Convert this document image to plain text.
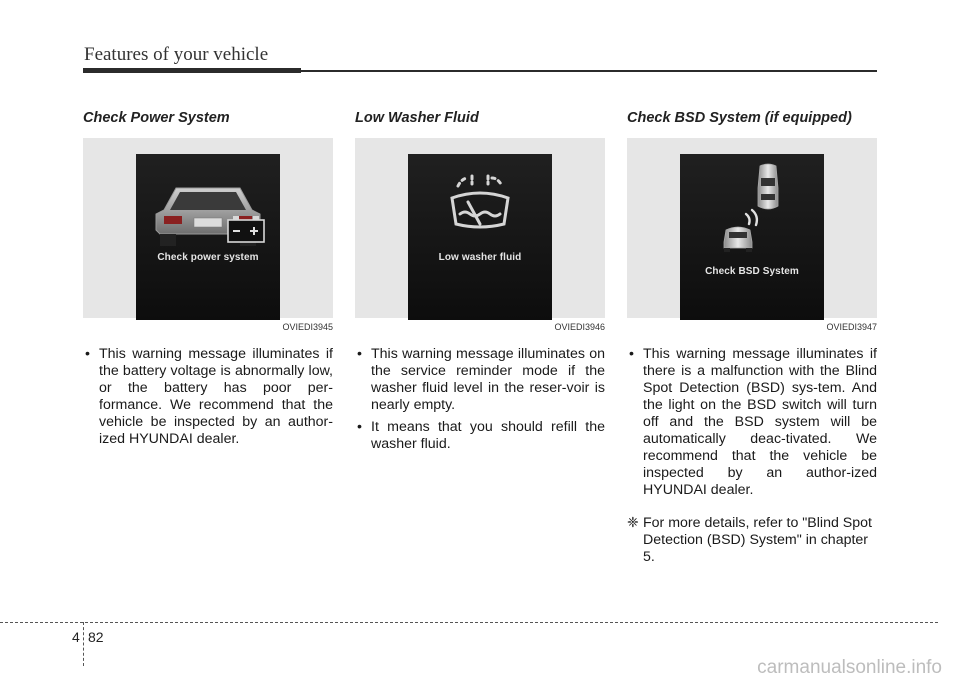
Features of your vehicle
Check Power System
Check power system
OVIEDI3945
• This warning message illuminates if the battery voltage is abnormally low, or the battery has poor per-formance. We recommend that the vehicle be inspected by an author-ized HYUNDAI dealer.
Low Washer Fluid
Low washer fluid
OVIEDI3946
• This warning message illuminates on the service reminder mode if the washer fluid level in the reser-voir is nearly empty.
• It means that you should refill the washer fluid.
Check BSD System (if equipped)
Check BSD System
OVIEDI3947
• This warning message illuminates if there is a malfunction with the Blind Spot Detection (BSD) sys-tem. And the light on the BSD switch will turn off and the BSD system will be automatically deac-tivated. We recommend that the vehicle be inspected by an author-ized HYUNDAI dealer.
❈ For more details, refer to "Blind Spot Detection (BSD) System" in chapter 5.
4 82
carmanualsonline.info
